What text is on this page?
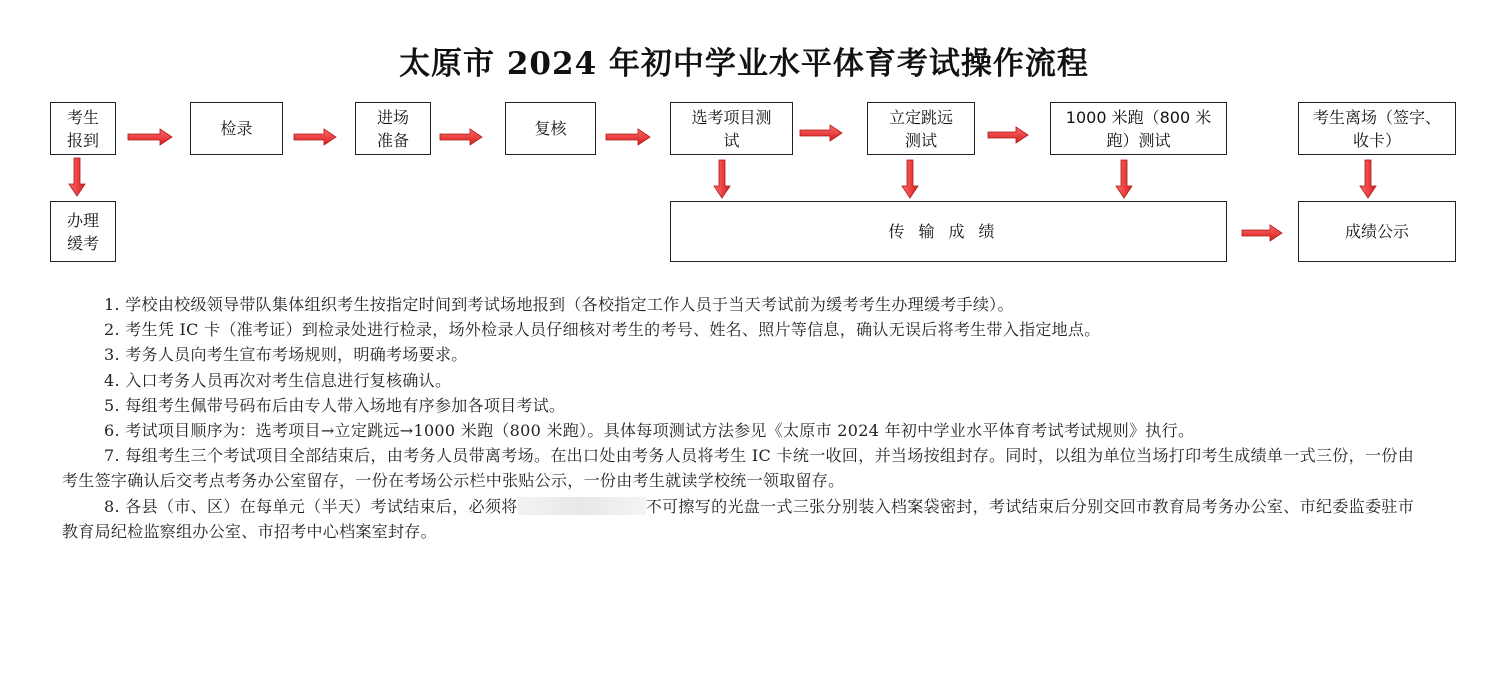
太原市 2024 年初中学业水平体育考试操作流程
考生
报到
办理
缓考
检录
进场
准备
复核
选考项目测
试
立定跳远
测试
1000 米跑（800 米
跑）测试
考生离场（签字、
收卡）
传输成绩	成绩公示

1. 学校由校级领导带队集体组织考生按指定时间到考试场地报到（各校指定工作人员于当天考试前为缓考考生办理缓考手续）。

2. 考生凭 IC 卡（准考证）到检录处进行检录，场外检录人员仔细核对考生的考号、姓名、照片等信息，确认无误后将考生带入指定地点。

3. 考务人员向考生宣布考场规则，明确考场要求。

4. 入口考务人员再次对考生信息进行复核确认。

5. 每组考生佩带号码布后由专人带入场地有序参加各项目考试。

6. 考试项目顺序为：选考项目→立定跳远→1000 米跑（800 米跑）。具体每项测试方法参见《太原市 2024 年初中学业水平体育考试考试规则》执行。

7. 每组考生三个考试项目全部结束后，由考务人员带离考场。在出口处由考务人员将考生 IC 卡统一收回，并当场按组封存。同时，以组为单位当场打印考生成绩单一式三份，一份由考生签字确认后交考点考务办公室留存，一份在考场公示栏中张贴公示，一份由考生就读学校统一领取留存。

8. 各县（市、区）在每单元（半天）考试结束后，必须将	不可擦写的光盘一式三张分别装入档案袋密封，考试结束后分别交回市教育局考务办公室、市纪委监委驻市教育局纪检监察组办公室、市招考中心档案室封存。
